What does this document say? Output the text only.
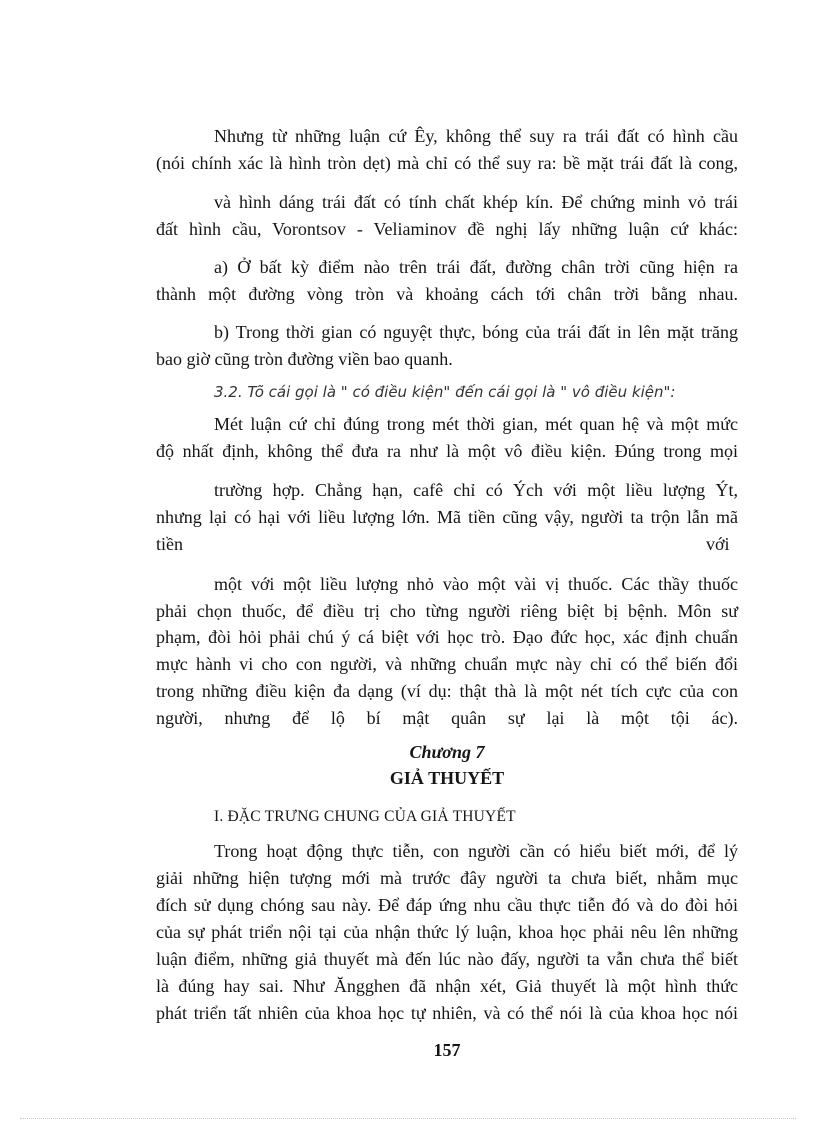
Nhưng từ những luận cứ Êy, không thể suy ra trái đất có hình cầu
(nói chính xác là hình tròn dẹt) mà chỉ có thể suy ra: bề mặt trái đất là cong,
và hình dáng trái đất có tính chất khép kín. Để chứng minh vỏ trái
đất hình cầu, Vorontsov - Veliaminov đề nghị lấy những luận cứ khác:
a) Ở bất kỳ điểm nào trên trái đất, đường chân trời cũng hiện ra
thành một đường vòng tròn và khoảng cách tới chân trời bằng nhau.
b) Trong thời gian có nguyệt thực, bóng của trái đất in lên mặt trăng
bao giờ cũng tròn đường viền bao quanh.
3.2. Tõ cái gọi là " có điều kiện" đến cái gọi là " vô điều kiện":
Mét luận cứ chỉ đúng trong mét thời gian, mét quan hệ và một mức
độ nhất định, không thể đưa ra như là một vô điều kiện. Đúng trong mọi
trường hợp. Chẳng hạn, cafê chỉ có Ých với một liều lượng Ýt,
nhưng lại có hại với liều lượng lớn. Mã tiền cũng vậy, người ta trộn lẫn mã
tiền	với
một với một liều lượng nhỏ vào một vài vị thuốc. Các thầy thuốc
phải chọn thuốc, để điều trị cho từng người riêng biệt bị bệnh. Môn sư
phạm, đòi hỏi phải chú ý cá biệt với học trò. Đạo đức học, xác định chuẩn
mực hành vi cho con người, và những chuẩn mực này chỉ có thể biến đổi
trong những điều kiện đa dạng (ví dụ: thật thà là một nét tích cực của con
người, nhưng để lộ bí mật quân sự lại là một tội ác).
Chương 7
GIẢ THUYẾT
I. ĐẶC TRƯNG CHUNG CỦA GIẢ THUYẾT
Trong hoạt động thực tiễn, con người cần có hiểu biết mới, để lý
giải những hiện tượng mới mà trước đây người ta chưa biết, nhằm mục
đích sử dụng chóng sau này. Để đáp ứng nhu cầu thực tiễn đó và do đòi hỏi
của sự phát triển nội tại của nhận thức lý luận, khoa học phải nêu lên những
luận điểm, những giả thuyết mà đến lúc nào đấy, người ta vẫn chưa thể biết
là đúng hay sai. Như Ăngghen đã nhận xét, Giả thuyết là một hình thức
phát triển tất nhiên của khoa học tự nhiên, và có thể nói là của khoa học nói
157
